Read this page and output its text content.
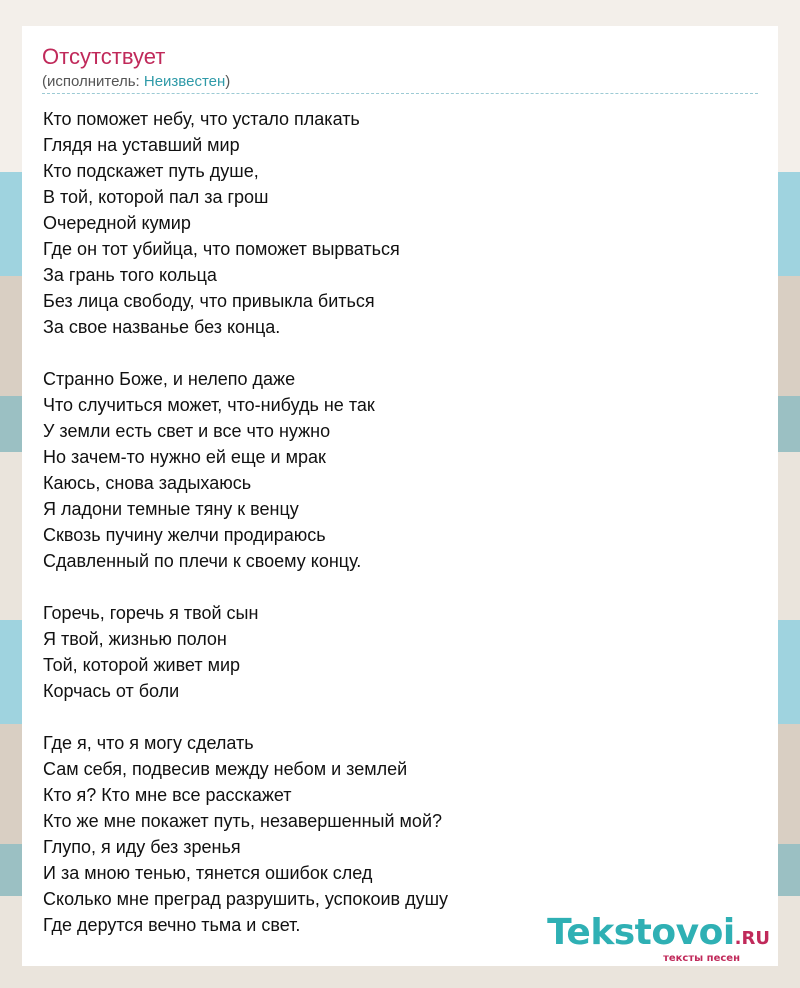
Отсутствует
(исполнитель: Неизвестен)
Кто поможет небу, что устало плакать
Глядя на уставший мир
Кто подскажет путь душе,
В той, которой пал за грош
Очередной кумир
Где он тот убийца, что поможет вырваться
За грань того кольца
Без лица свободу, что привыкла биться
За свое названье без конца.
Странно Боже, и нелепо даже
Что случиться может, что-нибудь не так
У земли есть свет и все что нужно
Но зачем-то нужно ей еще и мрак
Каюсь, снова задыхаюсь
Я ладони темные тяну к венцу
Сквозь пучину желчи продираюсь
Сдавленный по плечи к своему концу.
Горечь, горечь я твой сын
Я твой, жизнью полон
Той, которой живет мир
Корчась от боли
Где я, что я могу сделать
Сам себя, подвесив между небом и землей
Кто я? Кто мне все расскажет
Кто же мне покажет путь, незавершенный мой?
Глупо, я иду без зренья
И за мною тенью, тянется ошибок след
Сколько мне преград разрушить, успокоив душу
Где дерутся вечно тьма и свет.	Tekstovoi.RU
тексты песен
